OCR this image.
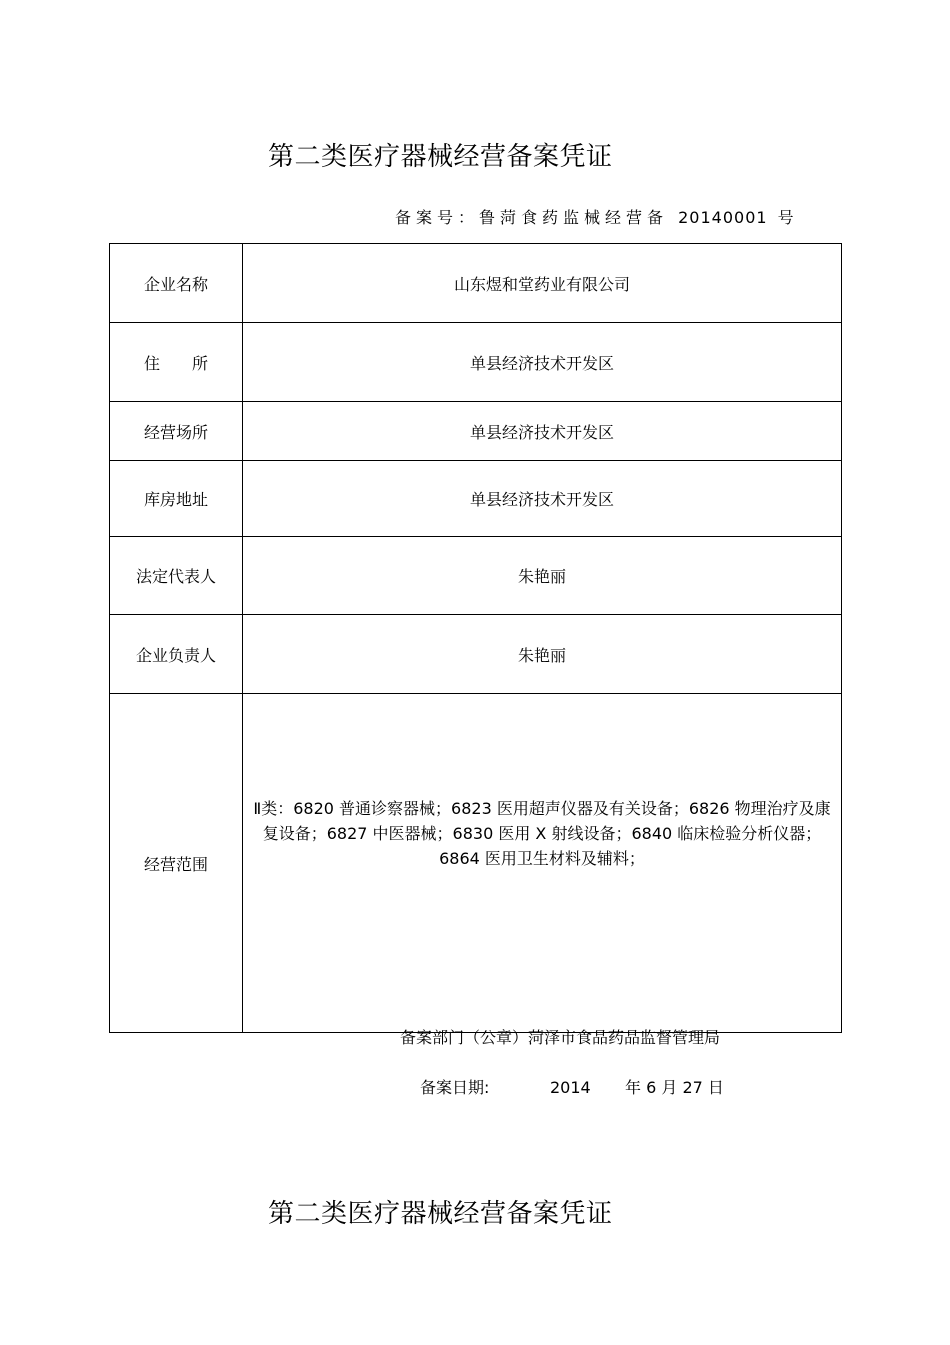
第二类医疗器械经营备案凭证
备案号：鲁菏食药监械经营备 20140001 号
企业名称	山东煜和堂药业有限公司
住　　所	单县经济技术开发区
经营场所	单县经济技术开发区
库房地址	单县经济技术开发区
法定代表人	朱艳丽
企业负责人	朱艳丽
经营范围	Ⅱ类：6820 普通诊察器械；6823 医用超声仪器及有关设备；6826 物理治疗及康复设备；6827 中医器械；6830 医用 X 射线设备；6840 临床检验分析仪器；6864 医用卫生材料及辅料；
备案部门（公章）菏泽市食品药品监督管理局
备案日期:	2014 年 6 月 27 日
第二类医疗器械经营备案凭证
